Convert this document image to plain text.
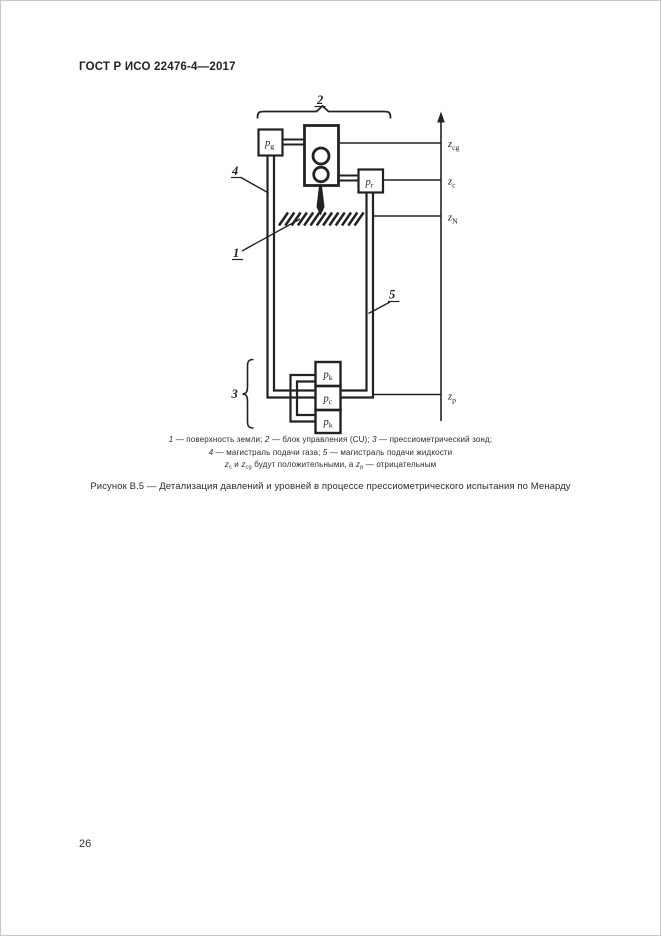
ГОСТ Р ИСО 22476-4—2017
2
$z_{cg}$
$z_c$
$z_N$
$z_p$
$p_g$
$p_r$
$p_k$
$p_c$
$p_k$
3
4
1
5
1 — поверхность земли; 2 — блок управления (CU); 3 — прессиометрический зонд;
4 — магистраль подачи газа; 5 — магистраль подачи жидкости
$z_c$ и $z_{cg}$ будут положительными, а $z_p$ — отрицательным
Рисунок В.5 — Детализация давлений и уровней в процессе прессиометрического испытания по Менарду
26
